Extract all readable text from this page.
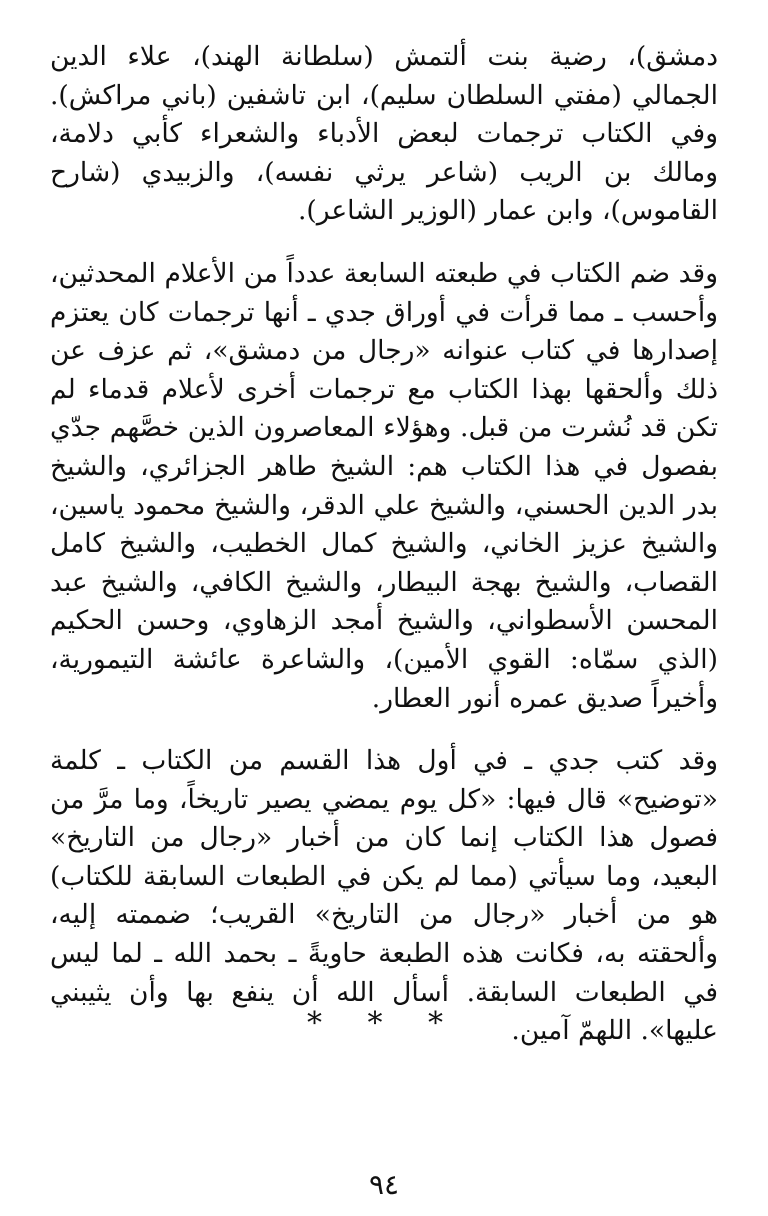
دمشق)، رضية بنت ألتمش (سلطانة الهند)، علاء الدين الجمالي (مفتي السلطان سليم)، ابن تاشفين (باني مراكش). وفي الكتاب ترجمات لبعض الأدباء والشعراء كأبي دلامة، ومالك بن الريب (شاعر يرثي نفسه)، والزبيدي (شارح القاموس)، وابن عمار (الوزير الشاعر).

وقد ضم الكتاب في طبعته السابعة عدداً من الأعلام المحدثين، وأحسب ـ مما قرأت في أوراق جدي ـ أنها ترجمات كان يعتزم إصدارها في كتاب عنوانه «رجال من دمشق»، ثم عزف عن ذلك وألحقها بهذا الكتاب مع ترجمات أخرى لأعلام قدماء لم تكن قد نُشرت من قبل. وهؤلاء المعاصرون الذين خصَّهم جدّي بفصول في هذا الكتاب هم: الشيخ طاهر الجزائري، والشيخ بدر الدين الحسني، والشيخ علي الدقر، والشيخ محمود ياسين، والشيخ عزيز الخاني، والشيخ كمال الخطيب، والشيخ كامل القصاب، والشيخ بهجة البيطار، والشيخ الكافي، والشيخ عبد المحسن الأسطواني، والشيخ أمجد الزهاوي، وحسن الحكيم (الذي سمّاه: القوي الأمين)، والشاعرة عائشة التيمورية، وأخيراً صديق عمره أنور العطار.

وقد كتب جدي ـ في أول هذا القسم من الكتاب ـ كلمة «توضيح» قال فيها: «كل يوم يمضي يصير تاريخاً، وما مرَّ من فصول هذا الكتاب إنما كان من أخبار «رجال من التاريخ» البعيد، وما سيأتي (مما لم يكن في الطبعات السابقة للكتاب) هو من أخبار «رجال من التاريخ» القريب؛ ضممته إليه، وألحقته به، فكانت هذه الطبعة حاويةً ـ بحمد الله ـ لما ليس في الطبعات السابقة. أسأل الله أن ينفع بها وأن يثيبني عليها». اللهمّ آمين.

* * *
٩٤
